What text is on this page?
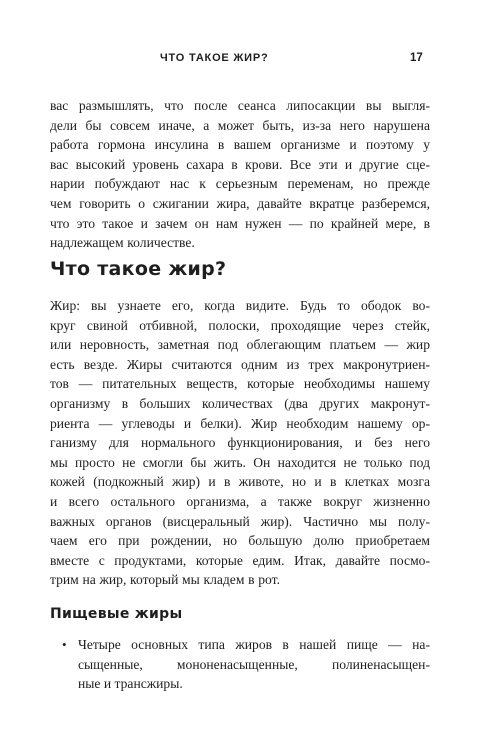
ЧТО ТАКОЕ ЖИР?	17
вас размышлять, что после сеанса липосакции вы выгля-
дели бы совсем иначе, а может быть, из-за него нарушена
работа гормона инсулина в вашем организме и поэтому у
вас высокий уровень сахара в крови. Все эти и другие сце-
нарии побуждают нас к серьезным переменам, но прежде
чем говорить о сжигании жира, давайте вкратце разберемся,
что это такое и зачем он нам нужен — по крайней мере, в
надлежащем количестве.
Что такое жир?
Жир: вы узнаете его, когда видите. Будь то ободок во-
круг свиной отбивной, полоски, проходящие через стейк,
или неровность, заметная под облегающим платьем — жир
есть везде. Жиры считаются одним из трех макронутриен-
тов — питательных веществ, которые необходимы нашему
организму в больших количествах (два других макронут-
риента — углеводы и белки). Жир необходим нашему ор-
ганизму для нормального функционирования, и без него
мы просто не смогли бы жить. Он находится не только под
кожей (подкожный жир) и в животе, но и в клетках мозга
и всего остального организма, а также вокруг жизненно
важных органов (висцеральный жир). Частично мы полу-
чаем его при рождении, но большую долю приобретаем
вместе с продуктами, которые едим. Итак, давайте посмо-
трим на жир, который мы кладем в рот.
Пищевые жиры
• Четыре основных типа жиров в нашей пище — на-
сыщенные, мононенасыщенные, полиненасыщен-
ные и трансжиры.
